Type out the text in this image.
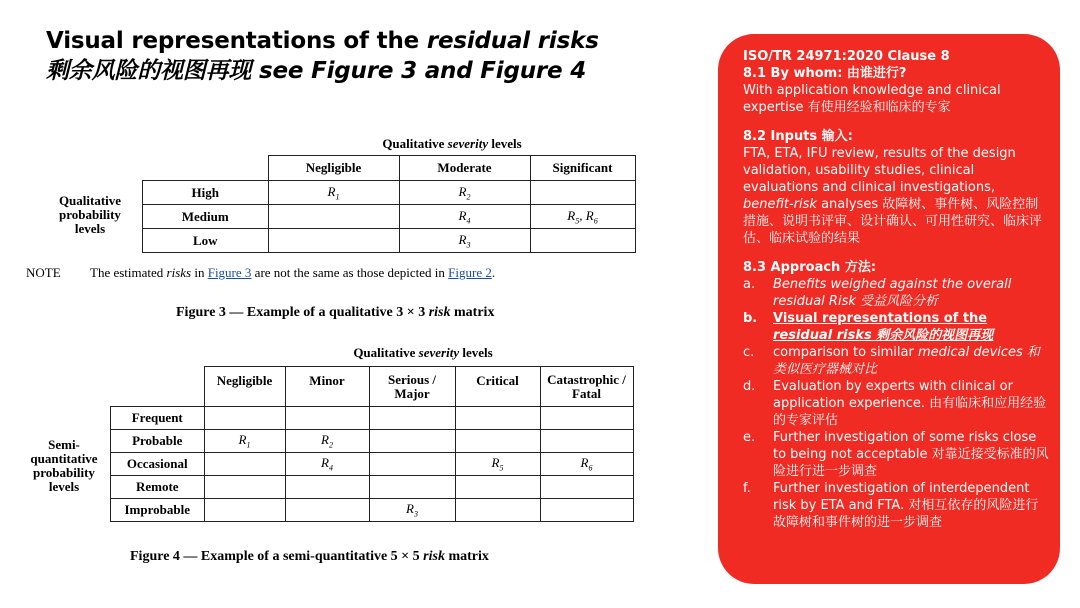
Visual representations of the residual risks
剩余风险的视图再现 see Figure 3 and Figure 4
Qualitative severity levels
Qualitative probability levels
	Negligible	Moderate	Significant
High	$R_1$	$R_2$	
Medium		$R_4$	$R_5$, $R_6$
Low		$R_3$	
NOTE The estimated risks in Figure 3 are not the same as those depicted in Figure 2.
Figure 3 — Example of a qualitative 3 × 3 risk matrix
Qualitative severity levels
Semi-quantitative probability levels
	Negligible	Minor	Serious / Major	Critical	Catastrophic / Fatal
Frequent					
Probable	$R_1$	$R_2$			
Occasional		$R_4$		$R_5$	$R_6$
Remote					
Improbable			$R_3$		
Figure 4 — Example of a semi-quantitative 5 × 5 risk matrix
ISO/TR 24971:2020 Clause 8
8.1 By whom: 由谁进行?
With application knowledge and clinical expertise 有使用经验和临床的专家
8.2 Inputs 输入:
FTA, ETA, IFU review, results of the design validation, usability studies, clinical evaluations and clinical investigations, benefit-risk analyses 故障树、事件树、风险控制措施、说明书评审、设计确认、可用性研究、临床评估、临床试验的结果
8.3 Approach 方法:
a.	Benefits weighed against the overall residual Risk 受益风险分析
b.	Visual representations of the residual risks 剩余风险的视图再现
c.	comparison to similar medical devices 和类似医疗器械对比
d.	Evaluation by experts with clinical or application experience. 由有临床和应用经验的专家评估
e.	Further investigation of some risks close to being not acceptable 对靠近接受标准的风险进行进一步调查
f.	Further investigation of interdependent risk by ETA and FTA. 对相互依存的风险进行故障树和事件树的进一步调查
